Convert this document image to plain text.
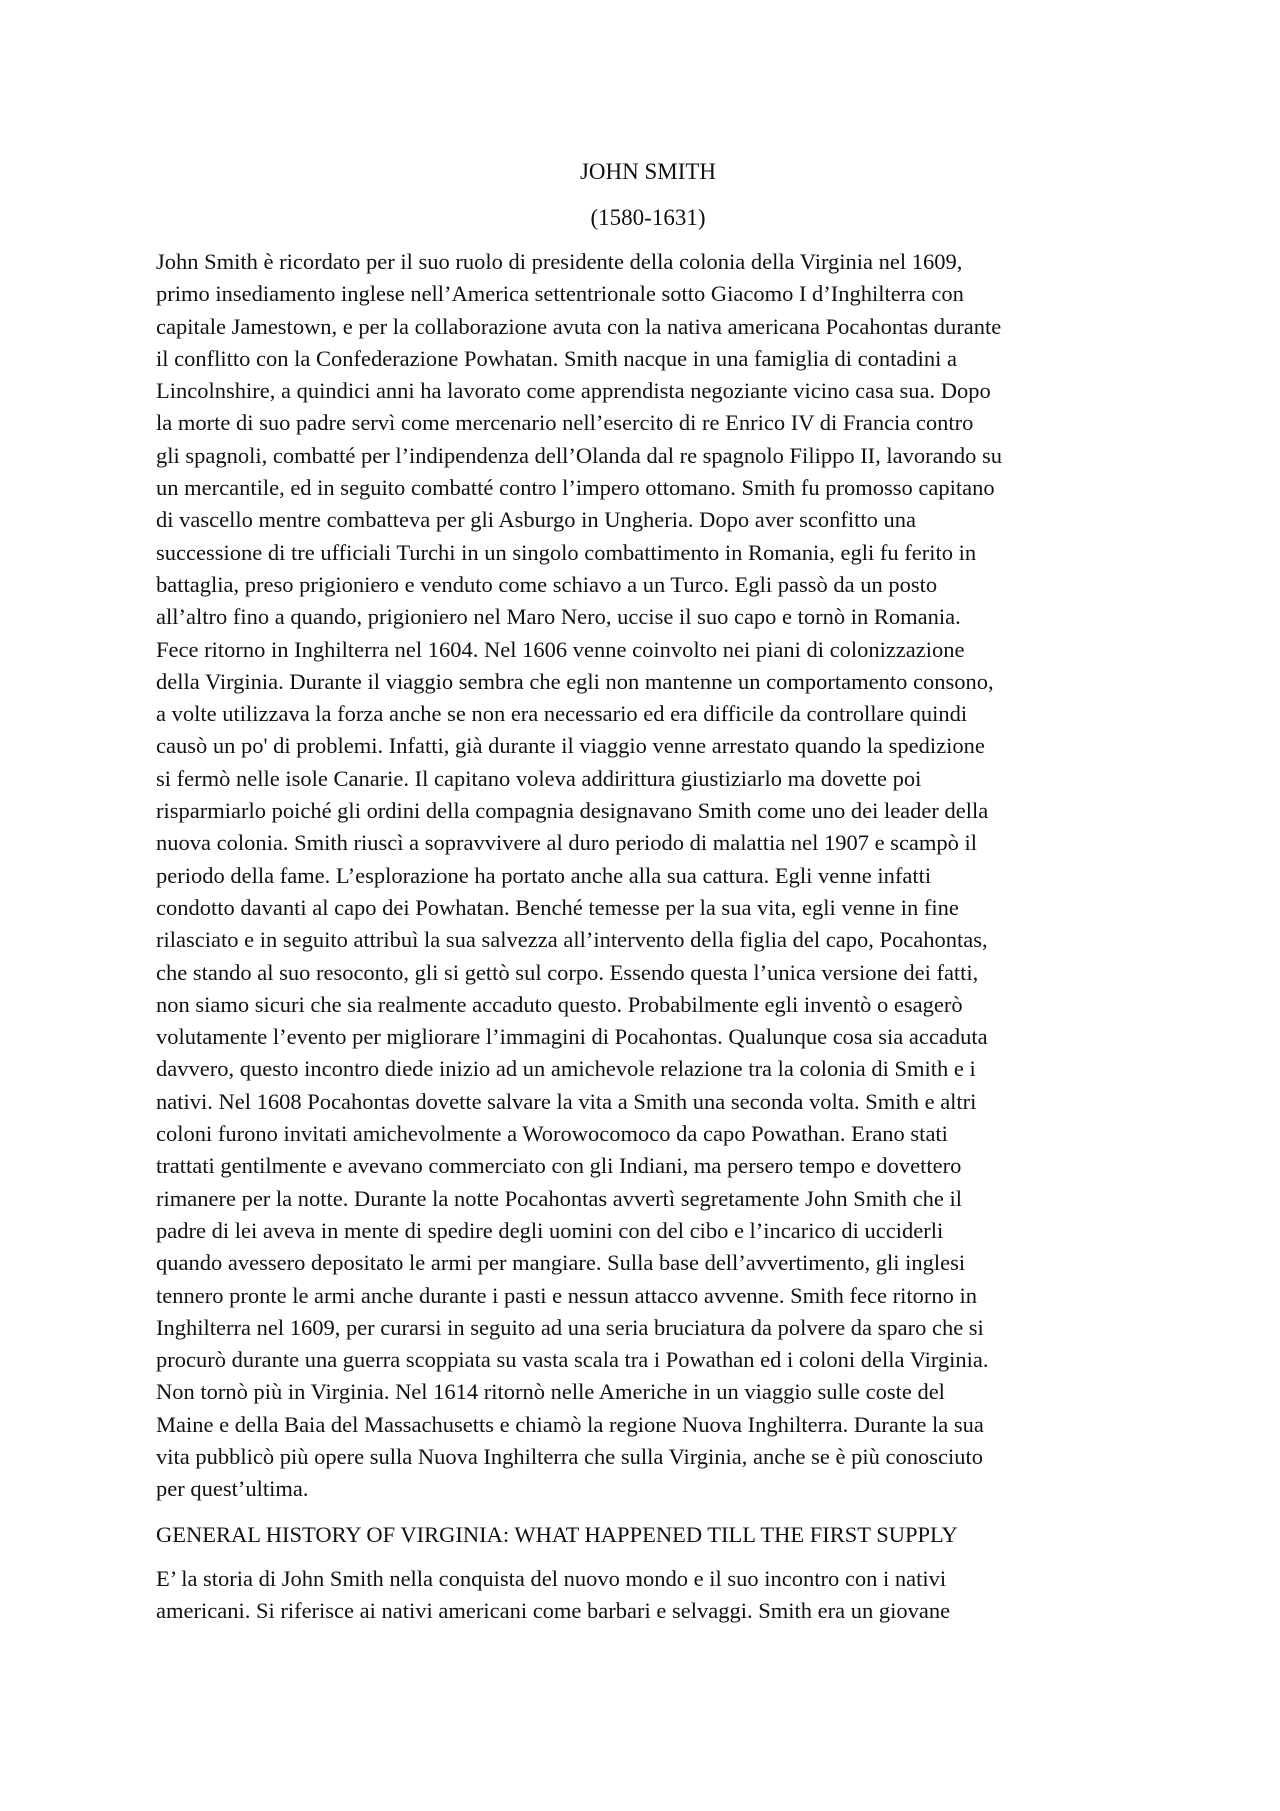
JOHN SMITH
(1580-1631)

John Smith è ricordato per il suo ruolo di presidente della colonia della Virginia nel 1609,
primo insediamento inglese nell’America settentrionale sotto Giacomo I d’Inghilterra con
capitale Jamestown, e per la collaborazione avuta con la nativa americana Pocahontas durante
il conflitto con la Confederazione Powhatan. Smith nacque in una famiglia di contadini a
Lincolnshire, a quindici anni ha lavorato come apprendista negoziante vicino casa sua. Dopo
la morte di suo padre servì come mercenario nell’esercito di re Enrico IV di Francia contro
gli spagnoli, combatté per l’indipendenza dell’Olanda dal re spagnolo Filippo II, lavorando su
un mercantile, ed in seguito combatté contro l’impero ottomano. Smith fu promosso capitano
di vascello mentre combatteva per gli Asburgo in Ungheria. Dopo aver sconfitto una
successione di tre ufficiali Turchi in un singolo combattimento in Romania, egli fu ferito in
battaglia, preso prigioniero e venduto come schiavo a un Turco. Egli passò da un posto
all’altro fino a quando, prigioniero nel Maro Nero, uccise il suo capo e tornò in Romania.
Fece ritorno in Inghilterra nel 1604. Nel 1606 venne coinvolto nei piani di colonizzazione
della Virginia. Durante il viaggio sembra che egli non mantenne un comportamento consono,
a volte utilizzava la forza anche se non era necessario ed era difficile da controllare quindi
causò un po' di problemi. Infatti, già durante il viaggio venne arrestato quando la spedizione
si fermò nelle isole Canarie. Il capitano voleva addirittura giustiziarlo ma dovette poi
risparmiarlo poiché gli ordini della compagnia designavano Smith come uno dei leader della
nuova colonia. Smith riuscì a sopravvivere al duro periodo di malattia nel 1907 e scampò il
periodo della fame. L’esplorazione ha portato anche alla sua cattura. Egli venne infatti
condotto davanti al capo dei Powhatan. Benché temesse per la sua vita, egli venne in fine
rilasciato e in seguito attribuì la sua salvezza all’intervento della figlia del capo, Pocahontas,
che stando al suo resoconto, gli si gettò sul corpo. Essendo questa l’unica versione dei fatti,
non siamo sicuri che sia realmente accaduto questo. Probabilmente egli inventò o esagerò
volutamente l’evento per migliorare l’immagini di Pocahontas. Qualunque cosa sia accaduta
davvero, questo incontro diede inizio ad un amichevole relazione tra la colonia di Smith e i
nativi. Nel 1608 Pocahontas dovette salvare la vita a Smith una seconda volta. Smith e altri
coloni furono invitati amichevolmente a Worowocomoco da capo Powathan. Erano stati
trattati gentilmente e avevano commerciato con gli Indiani, ma persero tempo e dovettero
rimanere per la notte. Durante la notte Pocahontas avvertì segretamente John Smith che il
padre di lei aveva in mente di spedire degli uomini con del cibo e l’incarico di ucciderli
quando avessero depositato le armi per mangiare. Sulla base dell’avvertimento, gli inglesi
tennero pronte le armi anche durante i pasti e nessun attacco avvenne. Smith fece ritorno in
Inghilterra nel 1609, per curarsi in seguito ad una seria bruciatura da polvere da sparo che si
procurò durante una guerra scoppiata su vasta scala tra i Powathan ed i coloni della Virginia.
Non tornò più in Virginia. Nel 1614 ritornò nelle Americhe in un viaggio sulle coste del
Maine e della Baia del Massachusetts e chiamò la regione Nuova Inghilterra. Durante la sua
vita pubblicò più opere sulla Nuova Inghilterra che sulla Virginia, anche se è più conosciuto
per quest’ultima.

GENERAL HISTORY OF VIRGINIA: WHAT HAPPENED TILL THE FIRST SUPPLY

E’ la storia di John Smith nella conquista del nuovo mondo e il suo incontro con i nativi
americani. Si riferisce ai nativi americani come barbari e selvaggi. Smith era un giovane
